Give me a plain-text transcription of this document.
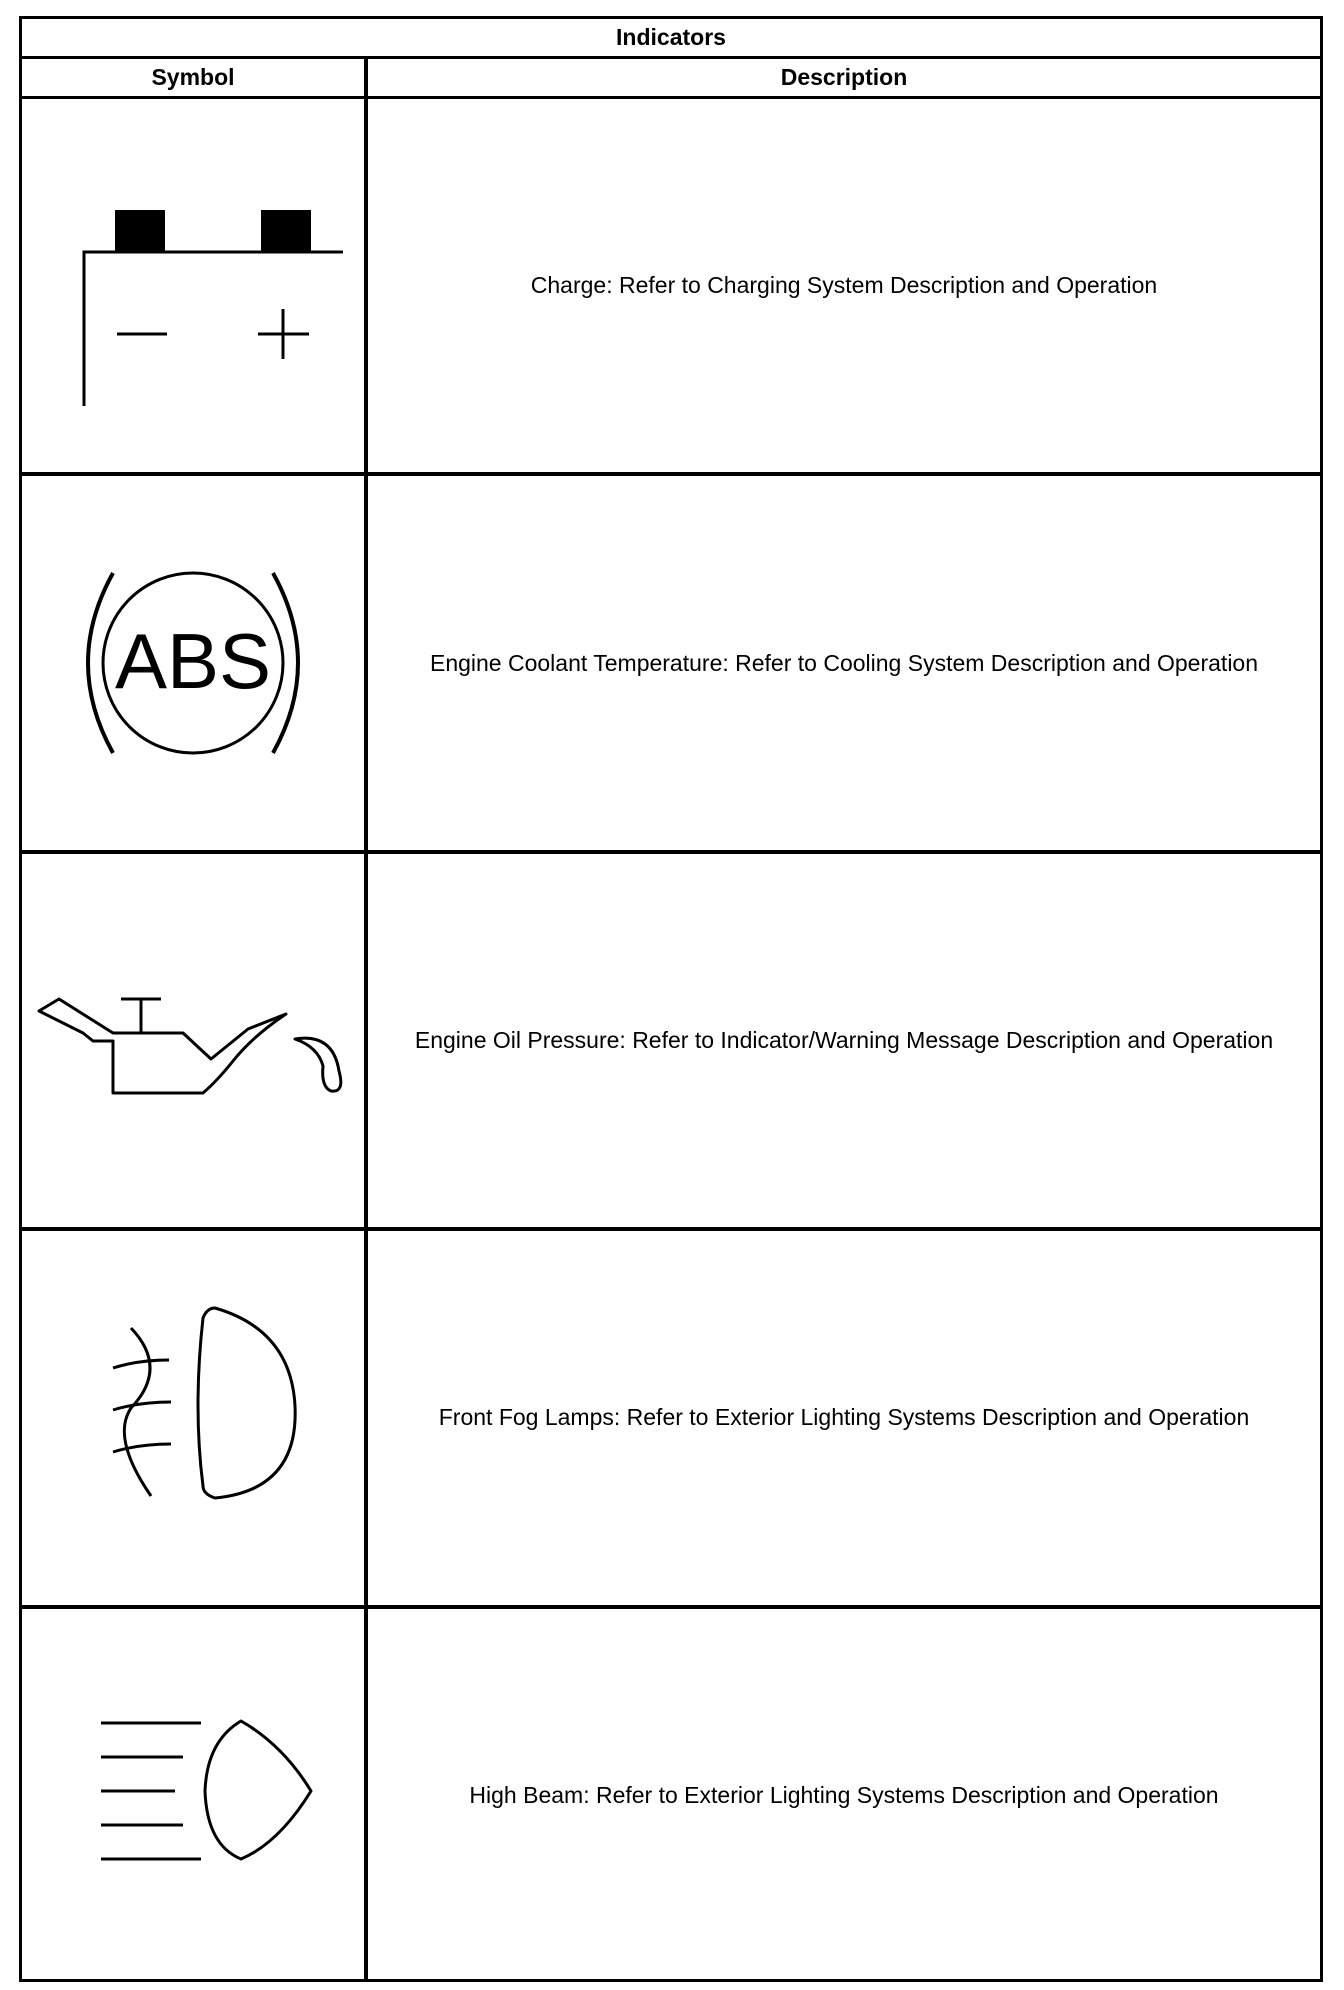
Indicators
Symbol	Description
Charge: Refer to Charging System Description and Operation
ABS	Engine Coolant Temperature: Refer to Cooling System Description and Operation
Engine Oil Pressure: Refer to Indicator/Warning Message Description and Operation
Front Fog Lamps: Refer to Exterior Lighting Systems Description and Operation
High Beam: Refer to Exterior Lighting Systems Description and Operation
